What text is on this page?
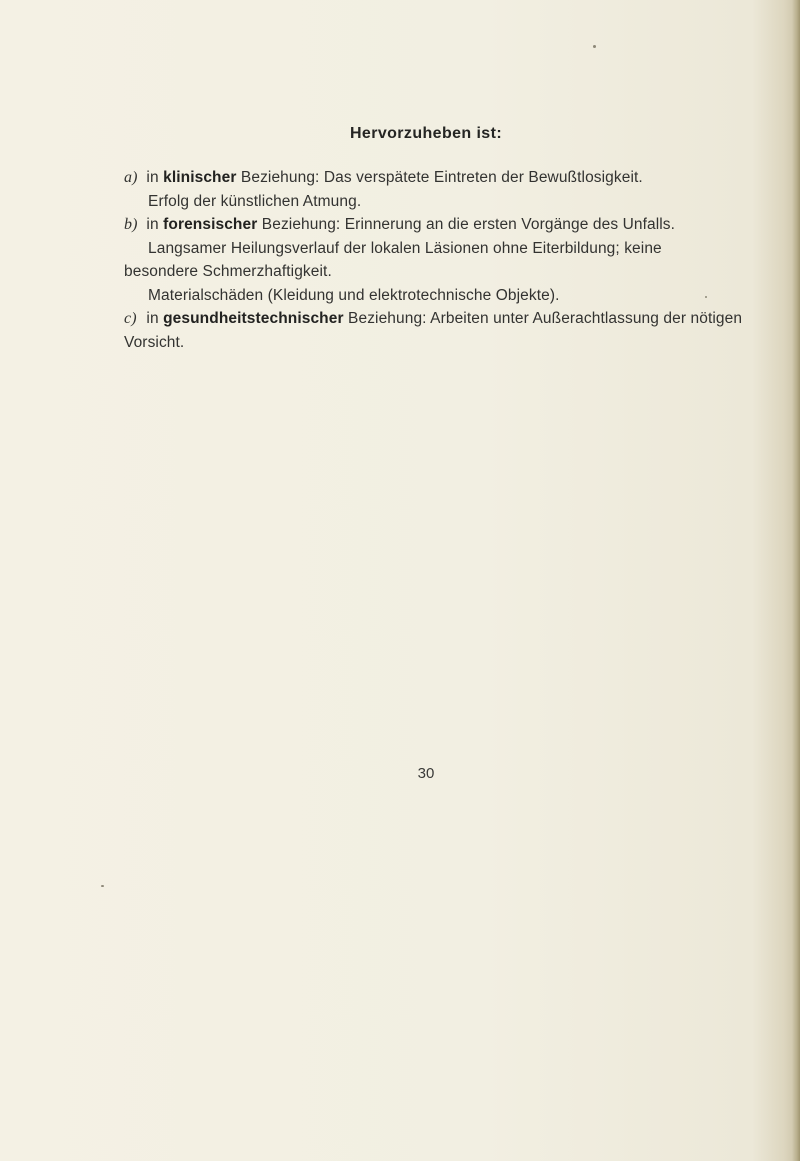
Hervorzuheben ist:
a) in klinischer Beziehung: Das verspätete Eintreten der Bewußtlosigkeit.
Erfolg der künstlichen Atmung.
b) in forensischer Beziehung: Erinnerung an die ersten Vorgänge des Unfalls.
Langsamer Heilungsverlauf der lokalen Läsionen ohne Eiterbildung; keine
besondere Schmerzhaftigkeit.
Materialschäden (Kleidung und elektrotechnische Objekte).
c) in gesundheitstechnischer Beziehung: Arbeiten unter Außerachtlassung der nötigen
Vorsicht.
30
